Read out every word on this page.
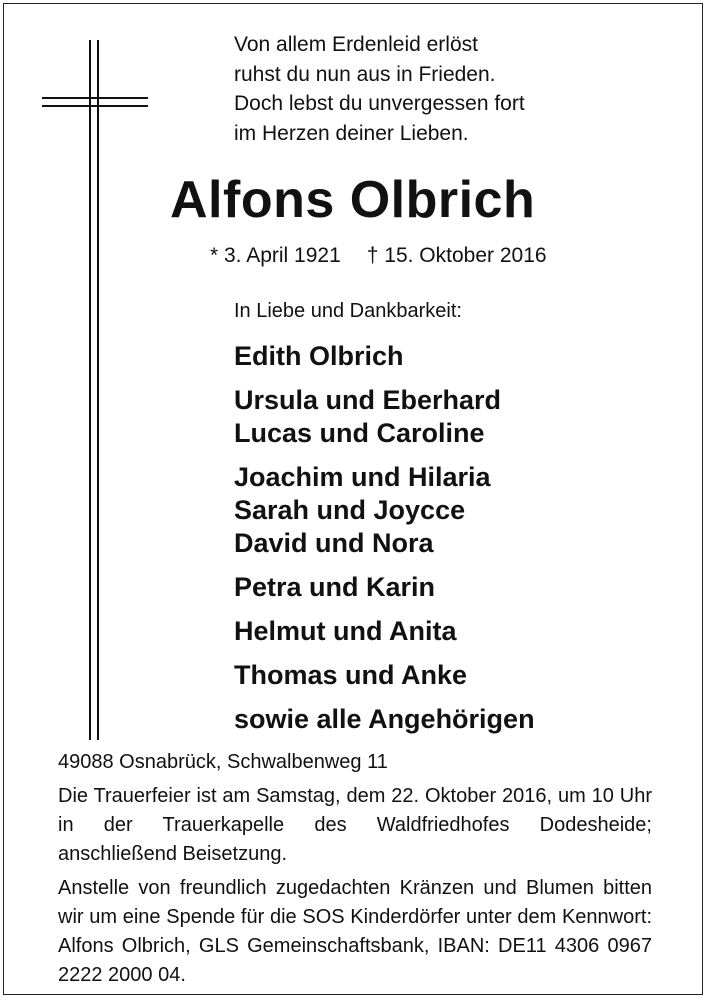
Von allem Erdenleid erlöst
ruhst du nun aus in Frieden.
Doch lebst du unvergessen fort
im Herzen deiner Lieben.
Alfons Olbrich
* 3. April 1921 † 15. Oktober 2016
In Liebe und Dankbarkeit:
Edith Olbrich
Ursula und Eberhard
Lucas und Caroline
Joachim und Hilaria
Sarah und Joycce
David und Nora
Petra und Karin
Helmut und Anita
Thomas und Anke
sowie alle Angehörigen
49088 Osnabrück, Schwalbenweg 11
Die Trauerfeier ist am Samstag, dem 22. Oktober 2016, um 10 Uhr in der Trauerkapelle des Waldfriedhofes Dodesheide; anschließend Beisetzung.
Anstelle von freundlich zugedachten Kränzen und Blumen bitten wir um eine Spende für die SOS Kinderdörfer unter dem Kennwort: Alfons Olbrich, GLS Gemeinschaftsbank, IBAN: DE11 4306 0967 2222 2000 04.
